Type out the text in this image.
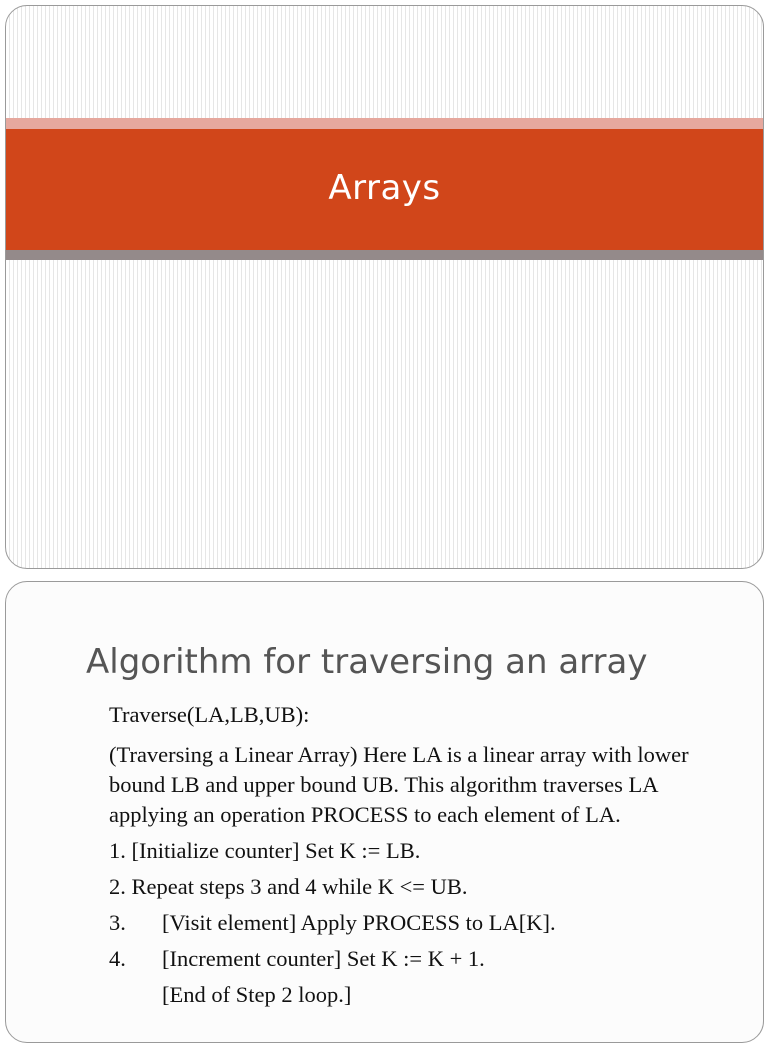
Arrays
Algorithm for traversing an array

Traverse(LA,LB,UB):

(Traversing a Linear Array) Here LA is a linear array with lower bound LB and upper bound UB. This algorithm traverses LA applying an operation PROCESS to each element of LA.

1. [Initialize counter] Set K := LB.

2. Repeat steps 3 and 4 while K <= UB.

3. [Visit element] Apply PROCESS to LA[K].

4. [Increment counter] Set K := K + 1.

[End of Step 2 loop.]
